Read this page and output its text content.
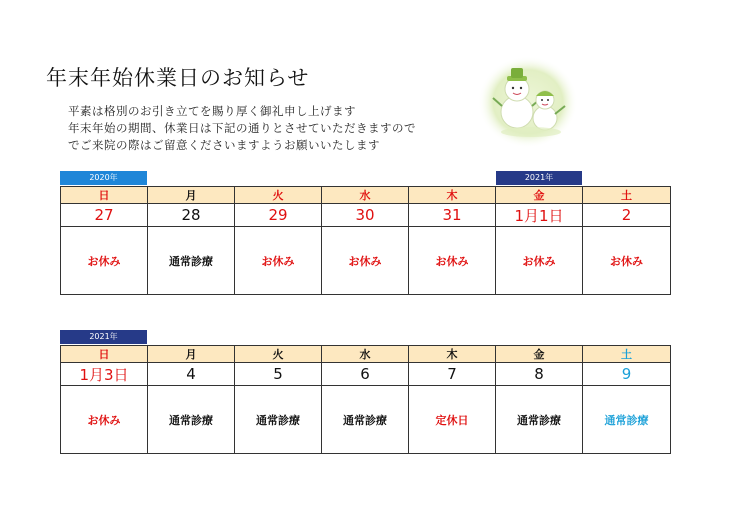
年末年始休業日のお知らせ
平素は格別のお引き立てを賜り厚く御礼申し上げます
年末年始の期間、休業日は下記の通りとさせていただきますので
でご来院の際はご留意くださいますようお願いいたします
2020年	2021年
日	月	火	水	木	金	土
27	28	29	30	31	1月1日	2
お休み	通常診療	お休み	お休み	お休み	お休み	お休み
2021年
日	月	火	水	木	金	土
1月3日	4	5	6	7	8	9
お休み	通常診療	通常診療	通常診療	定休日	通常診療	通常診療
